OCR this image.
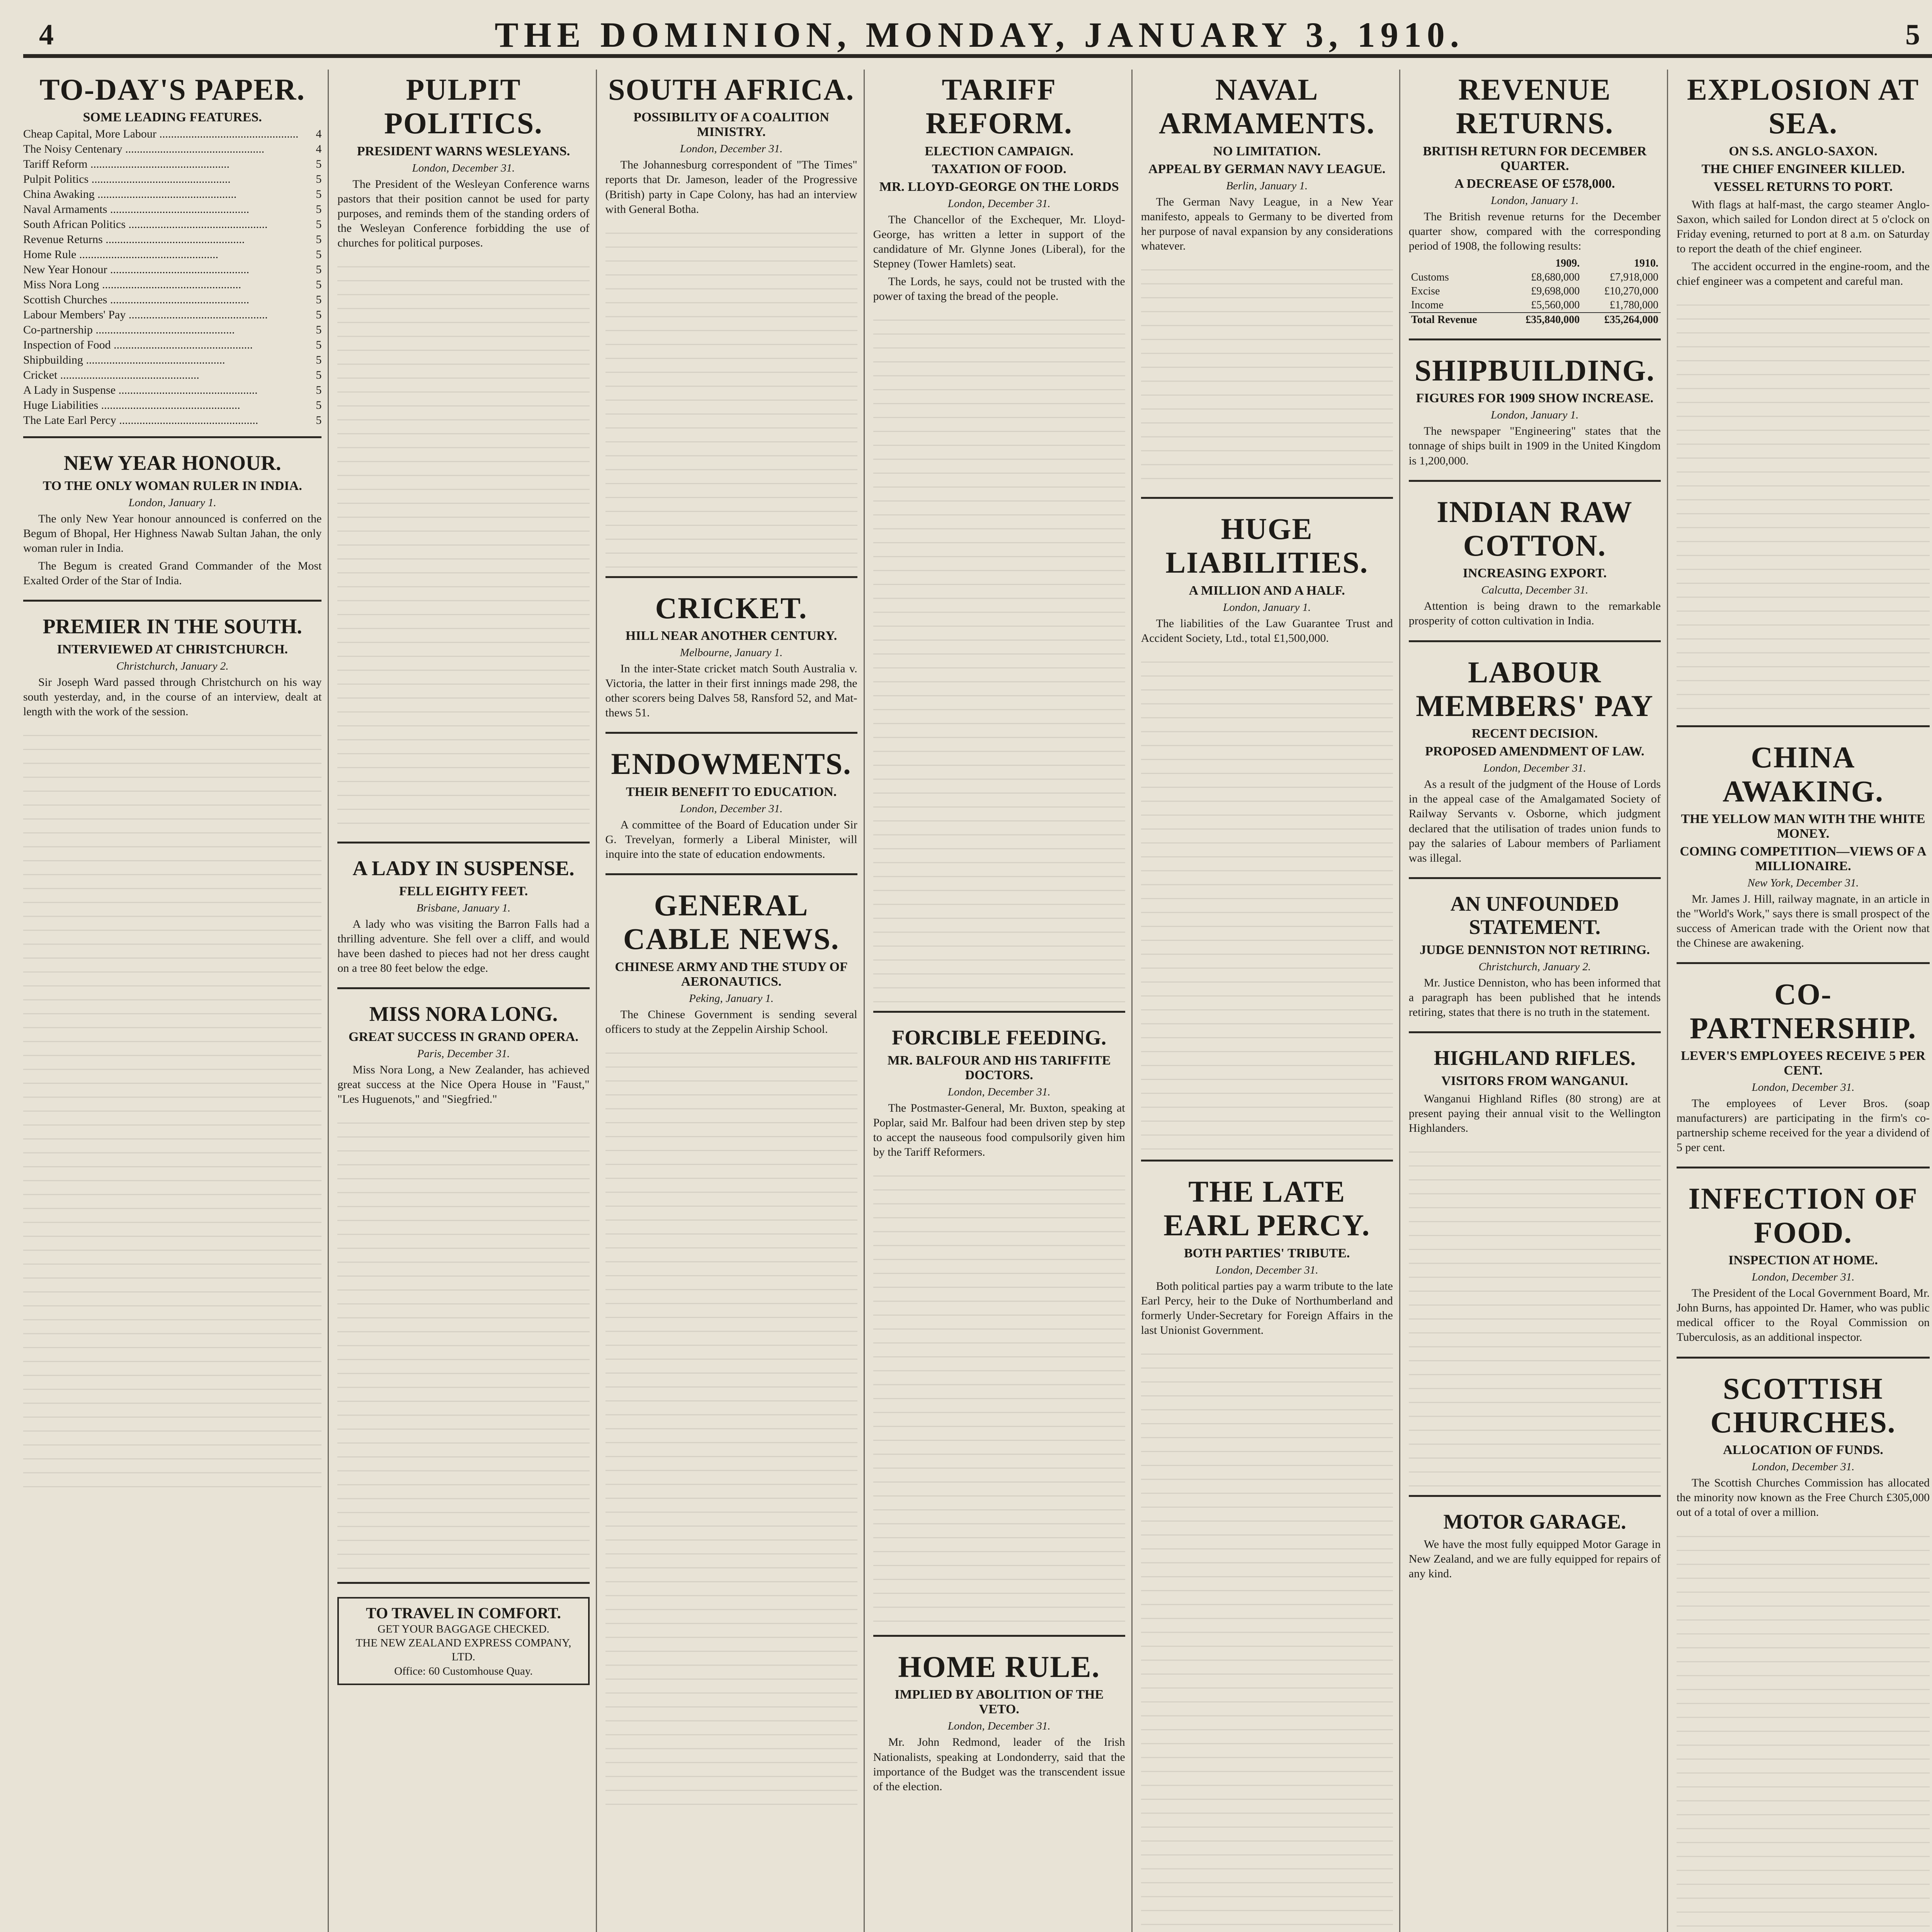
4	THE DOMINION, MONDAY, JANUARY 3, 1910.	5
TO-DAY'S PAPER.
SOME LEADING FEATURES.
Cheap Capital, More Labour ................................................	4
The Noisy Centenary ................................................	4
Tariff Reform ................................................	5
Pulpit Politics ................................................	5
China Awaking ................................................	5
Naval Armaments ................................................	5
South African Politics ................................................	5
Revenue Returns ................................................	5
Home Rule ................................................	5
New Year Honour ................................................	5
Miss Nora Long ................................................	5
Scottish Churches ................................................	5
Labour Members' Pay ................................................	5
Co-partnership ................................................	5
Inspection of Food ................................................	5
Shipbuilding ................................................	5
Cricket ................................................	5
A Lady in Suspense ................................................	5
Huge Liabilities ................................................	5
The Late Earl Percy ................................................	5
NEW YEAR HONOUR.
TO THE ONLY WOMAN RULER IN INDIA.
London, January 1.

The only New Year honour announced is conferred on the Begum of Bhopal, Her Highness Nawab Sultan Jahan, the only woman ruler in India.

The Begum is created Grand Commander of the Most Exalted Order of the Star of India.

PREMIER IN THE SOUTH.
INTERVIEWED AT CHRISTCHURCH.
Christchurch, January 2.

Sir Joseph Ward passed through Christchurch on his way south yesterday, and, in the course of an interview, dealt at length with the work of the session.

PULPIT POLITICS.
PRESIDENT WARNS WESLEYANS.
London, December 31.

The President of the Wesleyan Conference warns pastors that their position cannot be used for party purposes, and reminds them of the standing orders of the Wesleyan Conference forbidding the use of churches for political purposes.

A LADY IN SUSPENSE.
FELL EIGHTY FEET.
Brisbane, January 1.

A lady who was visiting the Barron Falls had a thrilling adventure. She fell over a cliff, and would have been dashed to pieces had not her dress caught on a tree 80 feet below the edge.

MISS NORA LONG.
GREAT SUCCESS IN GRAND OPERA.
Paris, December 31.

Miss Nora Long, a New Zealander, has achieved great success at the Nice Opera House in "Faust," "Les Huguenots," and "Siegfried."

TO TRAVEL IN COMFORT.

GET YOUR BAGGAGE CHECKED.

THE NEW ZEALAND EXPRESS COMPANY, LTD.

Office: 60 Customhouse Quay.

SOUTH AFRICA.
POSSIBILITY OF A COALITION MINISTRY.
London, December 31.

The Johannesburg correspondent of "The Times" reports that Dr. Jameson, leader of the Progressive (British) party in Cape Colony, has had an interview with General Botha.

CRICKET.
HILL NEAR ANOTHER CENTURY.
Melbourne, January 1.

In the inter-State cricket match South Australia v. Victoria, the latter in their first innings made 298, the other scorers being Dalves 58, Ransford 52, and Mat-thews 51.

ENDOWMENTS.
THEIR BENEFIT TO EDUCATION.
London, December 31.

A committee of the Board of Education under Sir G. Trevelyan, formerly a Liberal Minister, will inquire into the state of education endowments.

GENERAL CABLE NEWS.
CHINESE ARMY AND THE STUDY OF AERONAUTICS.
Peking, January 1.

The Chinese Government is sending several officers to study at the Zeppelin Airship School.

TARIFF REFORM.
ELECTION CAMPAIGN.
TAXATION OF FOOD.
MR. LLOYD-GEORGE ON THE LORDS
London, December 31.

The Chancellor of the Exchequer, Mr. Lloyd-George, has written a letter in support of the candidature of Mr. Glynne Jones (Liberal), for the Stepney (Tower Hamlets) seat.

The Lords, he says, could not be trusted with the power of taxing the bread of the people.

FORCIBLE FEEDING.
MR. BALFOUR AND HIS TARIFFITE DOCTORS.
London, December 31.

The Postmaster-General, Mr. Buxton, speaking at Poplar, said Mr. Balfour had been driven step by step to accept the nauseous food compulsorily given him by the Tariff Reformers.

HOME RULE.
IMPLIED BY ABOLITION OF THE VETO.
London, December 31.

Mr. John Redmond, leader of the Irish Nationalists, speaking at Londonderry, said that the importance of the Budget was the transcendent issue of the election.

NAVAL ARMAMENTS.
NO LIMITATION.
APPEAL BY GERMAN NAVY LEAGUE.
Berlin, January 1.

The German Navy League, in a New Year manifesto, appeals to Germany to be diverted from her purpose of naval expansion by any considerations whatever.

HUGE LIABILITIES.
A MILLION AND A HALF.
London, January 1.

The liabilities of the Law Guarantee Trust and Accident Society, Ltd., total £1,500,000.

THE LATE EARL PERCY.
BOTH PARTIES' TRIBUTE.
London, December 31.

Both political parties pay a warm tribute to the late Earl Percy, heir to the Duke of Northumberland and formerly Under-Secretary for Foreign Affairs in the last Unionist Government.

REVENUE RETURNS.
BRITISH RETURN FOR DECEMBER QUARTER.
A DECREASE OF £578,000.
London, January 1.

The British revenue returns for the December quarter show, compared with the corresponding period of 1908, the following results:

	1909.	1910.
Customs	£8,680,000	£7,918,000
Excise	£9,698,000	£10,270,000
Income	£5,560,000	£1,780,000
Total Revenue	£35,840,000	£35,264,000
SHIPBUILDING.
FIGURES FOR 1909 SHOW INCREASE.
London, January 1.

The newspaper "Engineering" states that the tonnage of ships built in 1909 in the United Kingdom is 1,200,000.

INDIAN RAW COTTON.
INCREASING EXPORT.
Calcutta, December 31.

Attention is being drawn to the remarkable prosperity of cotton cultivation in India.

LABOUR MEMBERS' PAY
RECENT DECISION.
PROPOSED AMENDMENT OF LAW.
London, December 31.

As a result of the judgment of the House of Lords in the appeal case of the Amalgamated Society of Railway Servants v. Osborne, which judgment declared that the utilisation of trades union funds to pay the salaries of Labour members of Parliament was illegal.

AN UNFOUNDED STATEMENT.
JUDGE DENNISTON NOT RETIRING.
Christchurch, January 2.

Mr. Justice Denniston, who has been informed that a paragraph has been published that he intends retiring, states that there is no truth in the statement.

HIGHLAND RIFLES.
VISITORS FROM WANGANUI.

Wanganui Highland Rifles (80 strong) are at present paying their annual visit to the Wellington Highlanders.

MOTOR GARAGE.

We have the most fully equipped Motor Garage in New Zealand, and we are fully equipped for repairs of any kind.

EXPLOSION AT SEA.
ON S.S. ANGLO-SAXON.
THE CHIEF ENGINEER KILLED.
VESSEL RETURNS TO PORT.

With flags at half-mast, the cargo steamer Anglo-Saxon, which sailed for London direct at 5 o'clock on Friday evening, returned to port at 8 a.m. on Saturday to report the death of the chief engineer.

The accident occurred in the engine-room, and the chief engineer was a competent and careful man.

CHINA AWAKING.
THE YELLOW MAN WITH THE WHITE MONEY.
COMING COMPETITION—VIEWS OF A MILLIONAIRE.
New York, December 31.

Mr. James J. Hill, railway magnate, in an article in the "World's Work," says there is small prospect of the success of American trade with the Orient now that the Chinese are awakening.

CO-PARTNERSHIP.
LEVER'S EMPLOYEES RECEIVE 5 PER CENT.
London, December 31.

The employees of Lever Bros. (soap manufacturers) are participating in the firm's co-partnership scheme received for the year a dividend of 5 per cent.

INFECTION OF FOOD.
INSPECTION AT HOME.
London, December 31.

The President of the Local Government Board, Mr. John Burns, has appointed Dr. Hamer, who was public medical officer to the Royal Commission on Tuberculosis, as an additional inspector.

SCOTTISH CHURCHES.
ALLOCATION OF FUNDS.
London, December 31.

The Scottish Churches Commission has allocated the minority now known as the Free Church £305,000 out of a total of over a million.
